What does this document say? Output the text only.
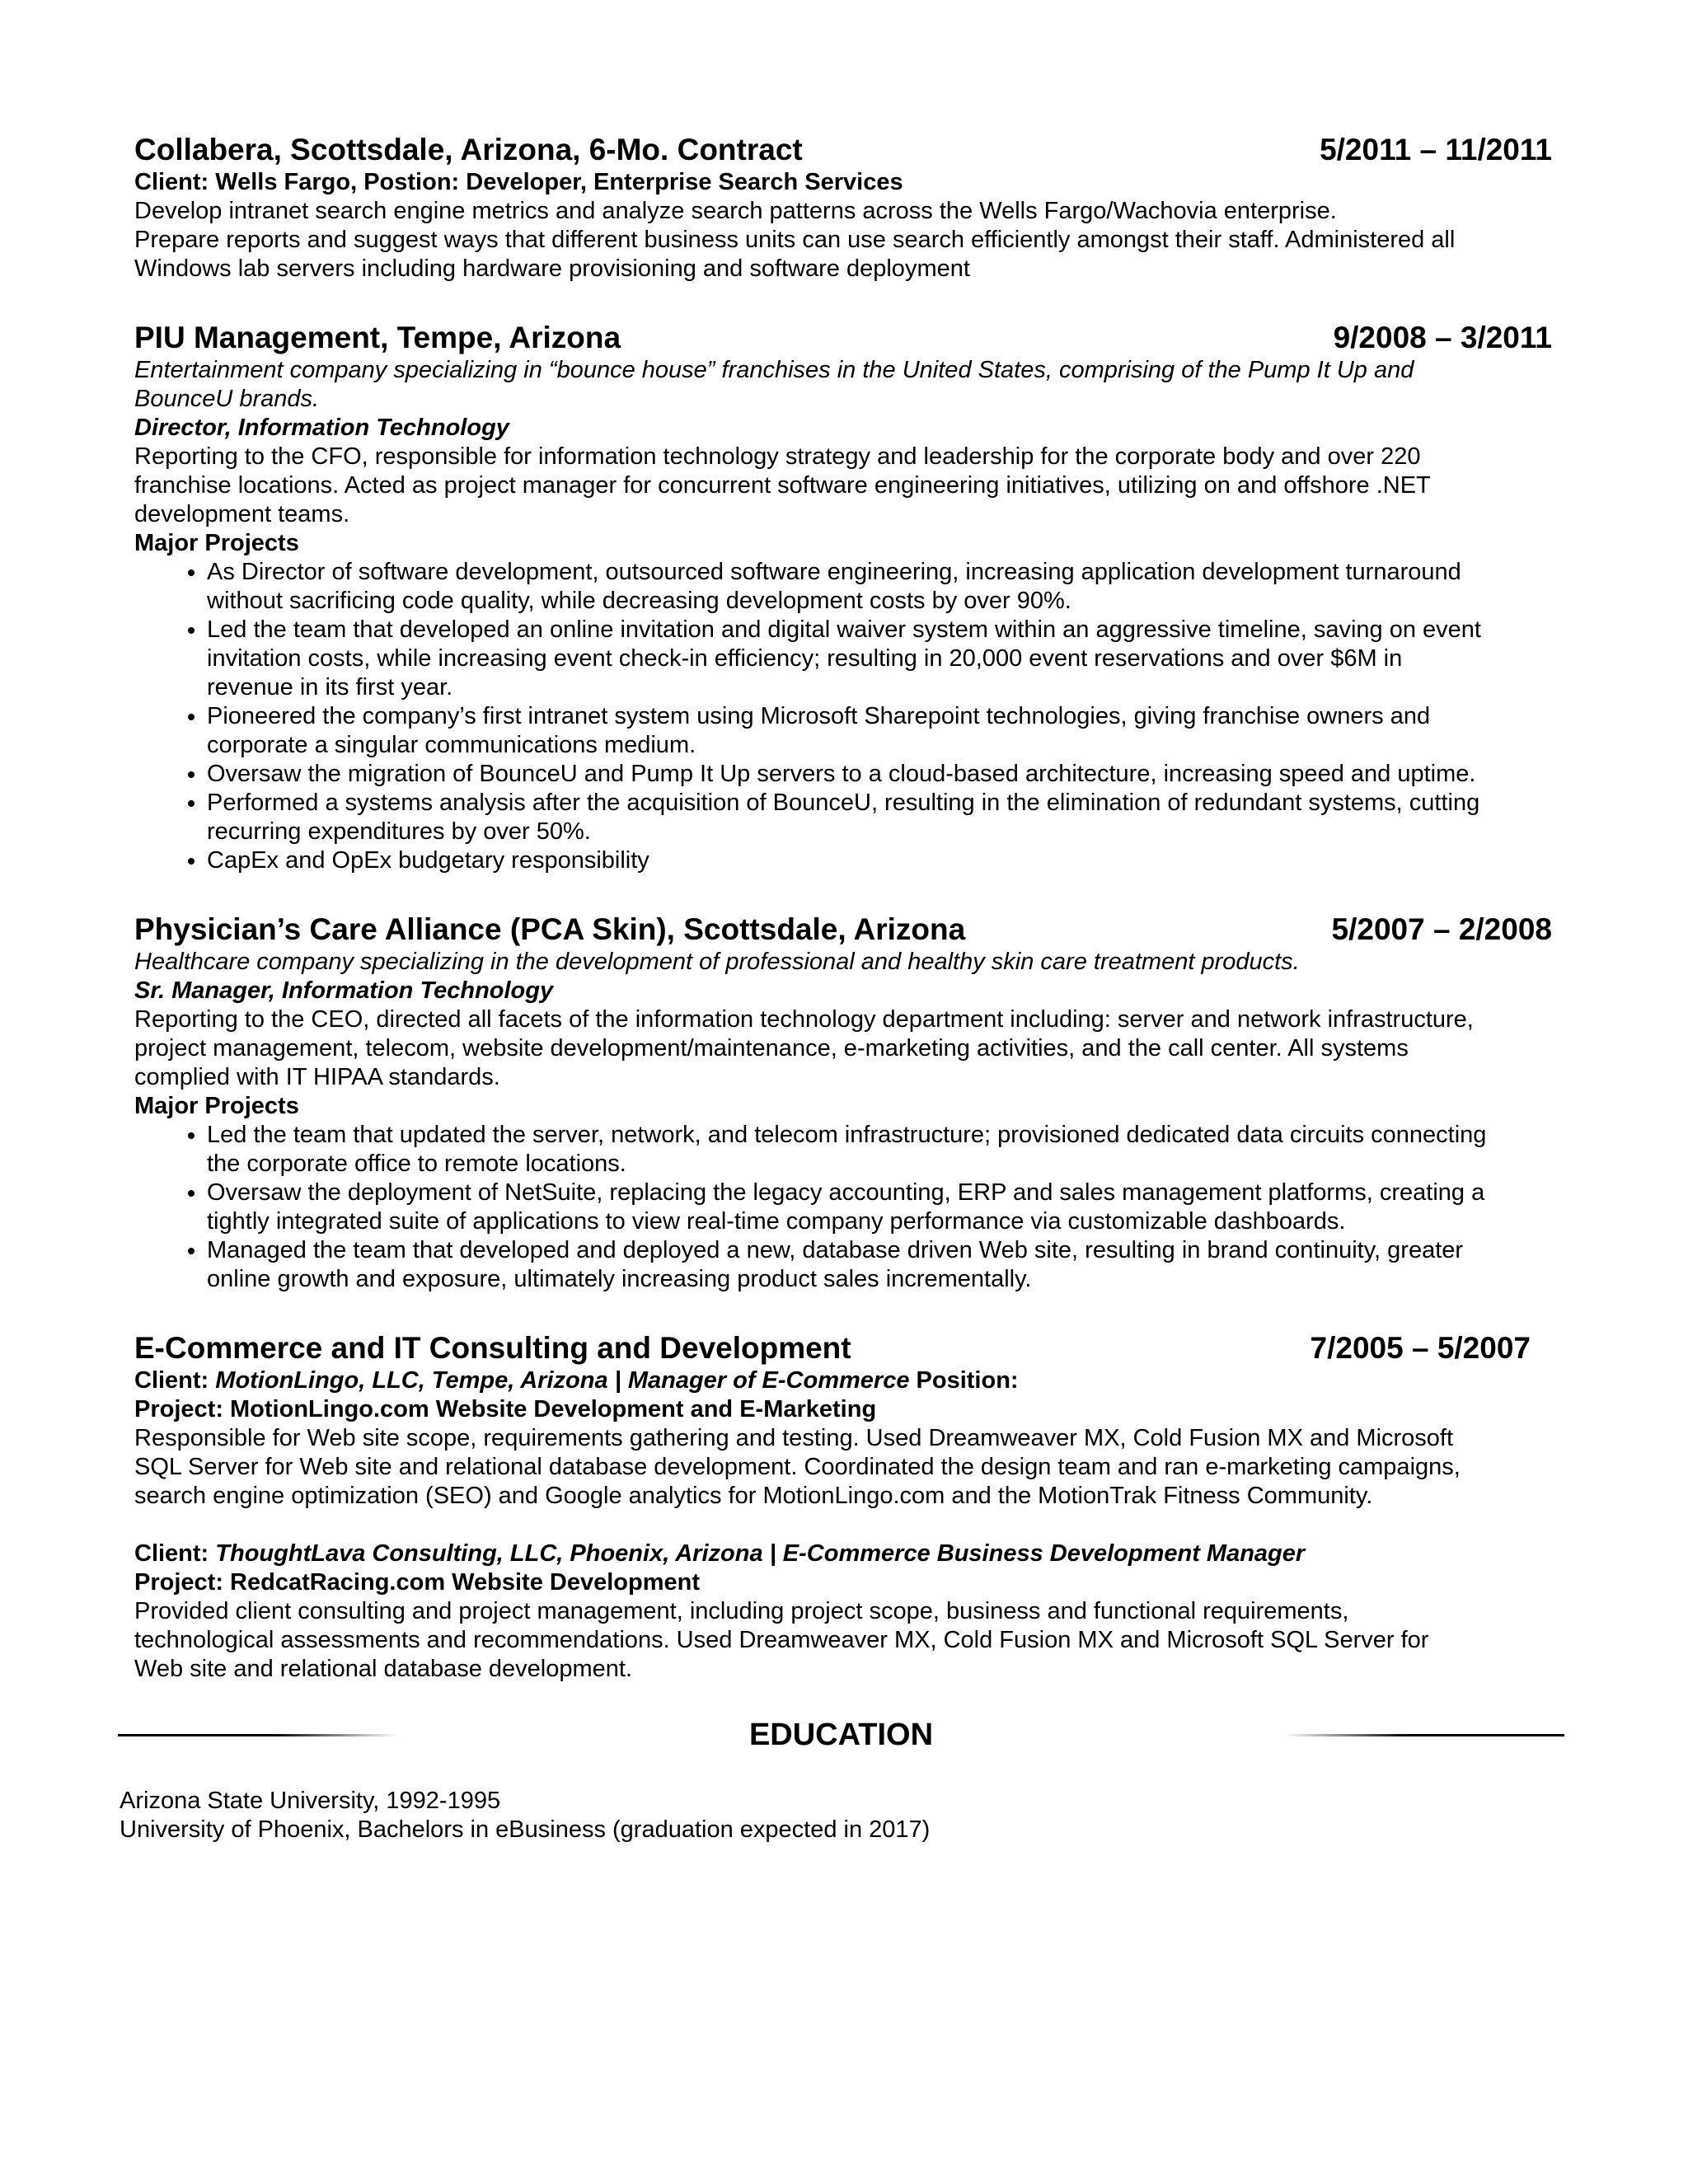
Collabera, Scottsdale, Arizona, 6-Mo. Contract	5/2011 – 11/2011

Client: Wells Fargo, Postion: Developer, Enterprise Search Services

Develop intranet search engine metrics and analyze search patterns across the Wells Fargo/Wachovia enterprise.

Prepare reports and suggest ways that different business units can use search efficiently amongst their staff. Administered all

Windows lab servers including hardware provisioning and software deployment

PIU Management, Tempe, Arizona	9/2008 – 3/2011

Entertainment company specializing in “bounce house” franchises in the United States, comprising of the Pump It Up and

BounceU brands.

Director, Information Technology

Reporting to the CFO, responsible for information technology strategy and leadership for the corporate body and over 220

franchise locations. Acted as project manager for concurrent software engineering initiatives, utilizing on and offshore .NET

development teams.

Major Projects

• As Director of software development, outsourced software engineering, increasing application development turnaround
without sacrificing code quality, while decreasing development costs by over 90%.
• Led the team that developed an online invitation and digital waiver system within an aggressive timeline, saving on event
invitation costs, while increasing event check-in efficiency; resulting in 20,000 event reservations and over $6M in
revenue in its first year.
• Pioneered the company’s first intranet system using Microsoft Sharepoint technologies, giving franchise owners and
corporate a singular communications medium.
• Oversaw the migration of BounceU and Pump It Up servers to a cloud-based architecture, increasing speed and uptime.
• Performed a systems analysis after the acquisition of BounceU, resulting in the elimination of redundant systems, cutting
recurring expenditures by over 50%.
• CapEx and OpEx budgetary responsibility
Physician’s Care Alliance (PCA Skin), Scottsdale, Arizona	5/2007 – 2/2008

Healthcare company specializing in the development of professional and healthy skin care treatment products.

Sr. Manager, Information Technology

Reporting to the CEO, directed all facets of the information technology department including: server and network infrastructure,

project management, telecom, website development/maintenance, e-marketing activities, and the call center. All systems

complied with IT HIPAA standards.

Major Projects

• Led the team that updated the server, network, and telecom infrastructure; provisioned dedicated data circuits connecting
the corporate office to remote locations.
• Oversaw the deployment of NetSuite, replacing the legacy accounting, ERP and sales management platforms, creating a
tightly integrated suite of applications to view real-time company performance via customizable dashboards.
• Managed the team that developed and deployed a new, database driven Web site, resulting in brand continuity, greater
online growth and exposure, ultimately increasing product sales incrementally.
E-Commerce and IT Consulting and Development	7/2005 – 5/2007

Client: MotionLingo, LLC, Tempe, Arizona | Manager of E-Commerce Position:

Project: MotionLingo.com Website Development and E-Marketing

Responsible for Web site scope, requirements gathering and testing. Used Dreamweaver MX, Cold Fusion MX and Microsoft

SQL Server for Web site and relational database development. Coordinated the design team and ran e-marketing campaigns,

search engine optimization (SEO) and Google analytics for MotionLingo.com and the MotionTrak Fitness Community.

Client: ThoughtLava Consulting, LLC, Phoenix, Arizona | E-Commerce Business Development Manager

Project: RedcatRacing.com Website Development

Provided client consulting and project management, including project scope, business and functional requirements,

technological assessments and recommendations. Used Dreamweaver MX, Cold Fusion MX and Microsoft SQL Server for

Web site and relational database development.

EDUCATION
Arizona State University, 1992-1995
University of Phoenix, Bachelors in eBusiness (graduation expected in 2017)
